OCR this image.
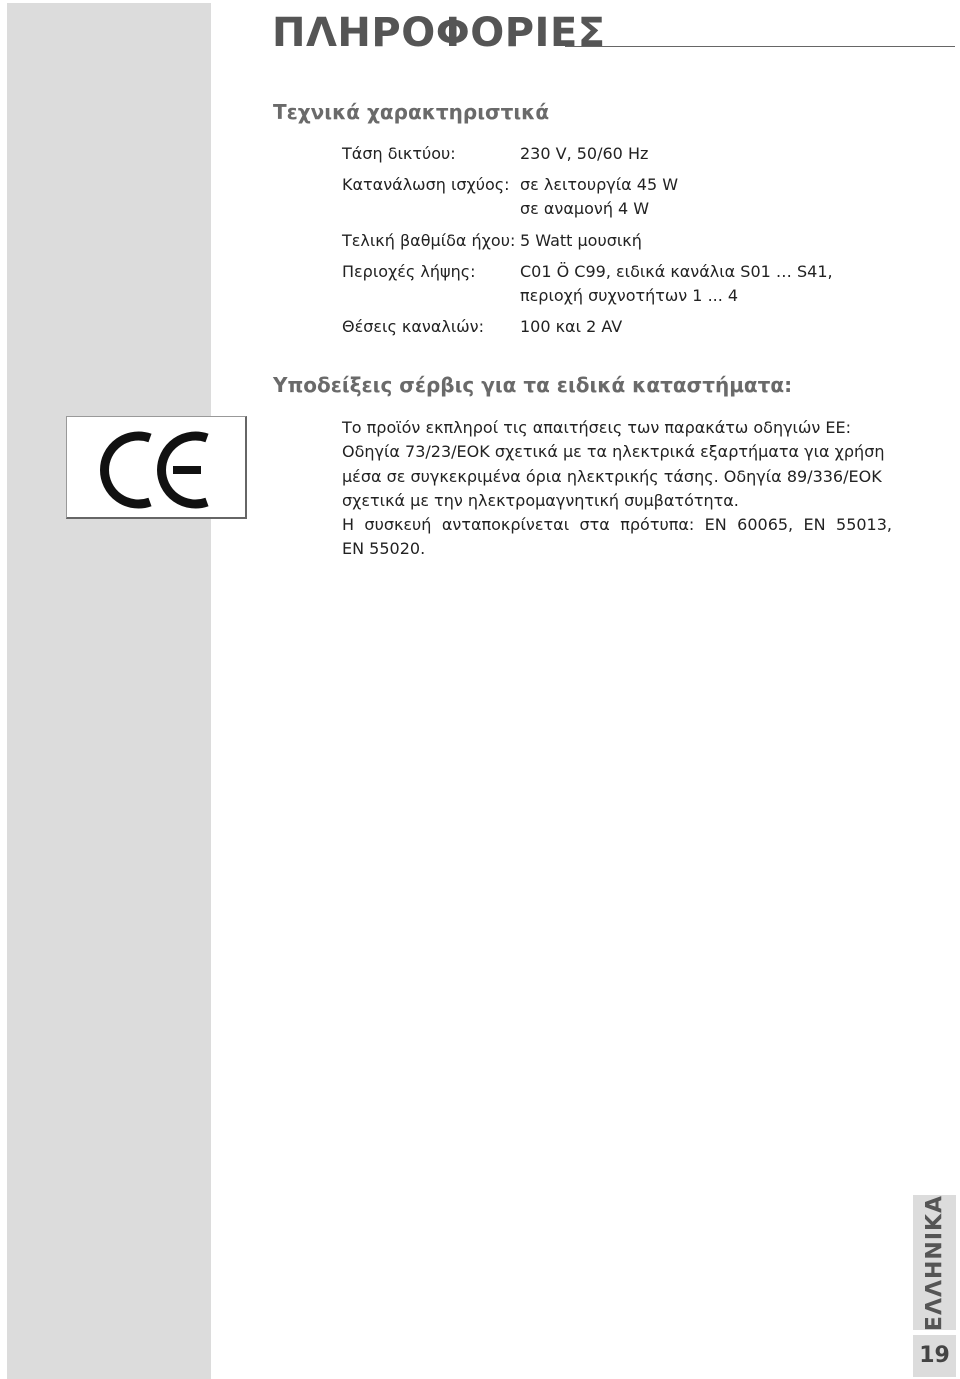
ΠΛΗΡΟΦΟΡΙΕΣ
Τεχνικά χαρακτηριστικά
Τάση δικτύου:	230 V, 50/60 Hz
Κατανάλωση ισχύος: σε λειτουργία 45 W
σε αναμονή 4 W
Τελική βαθμίδα ήχου: 5 Watt μουσική
Περιοχές λήψης:	C01 Ö C99, ειδικά κανάλια S01 … S41,
περιοχή συχνοτήτων 1 ... 4
Θέσεις καναλιών: 100 και 2 AV
Υποδείξεις σέρβις για τα ειδικά καταστήματα:

Το προϊόν εκπληροί τις απαιτήσεις των παρακάτω οδηγιών ΕΕ: Οδηγία 73/23/ΕΟΚ σχετικά με τα ηλεκτρικά εξαρτήματα για χρήση μέσα σε συγκεκριμένα όρια ηλεκτρικής τάσης. Οδηγία 89/336/ΕΟΚ σχετικά με την ηλεκτρομαγνητική συμβατότητα.

Η συσκευή ανταποκρίνεται στα πρότυπα: EN 60065, EN 55013,

EN 55020.

ΕΛΛΗΝΙΚΑ
19
